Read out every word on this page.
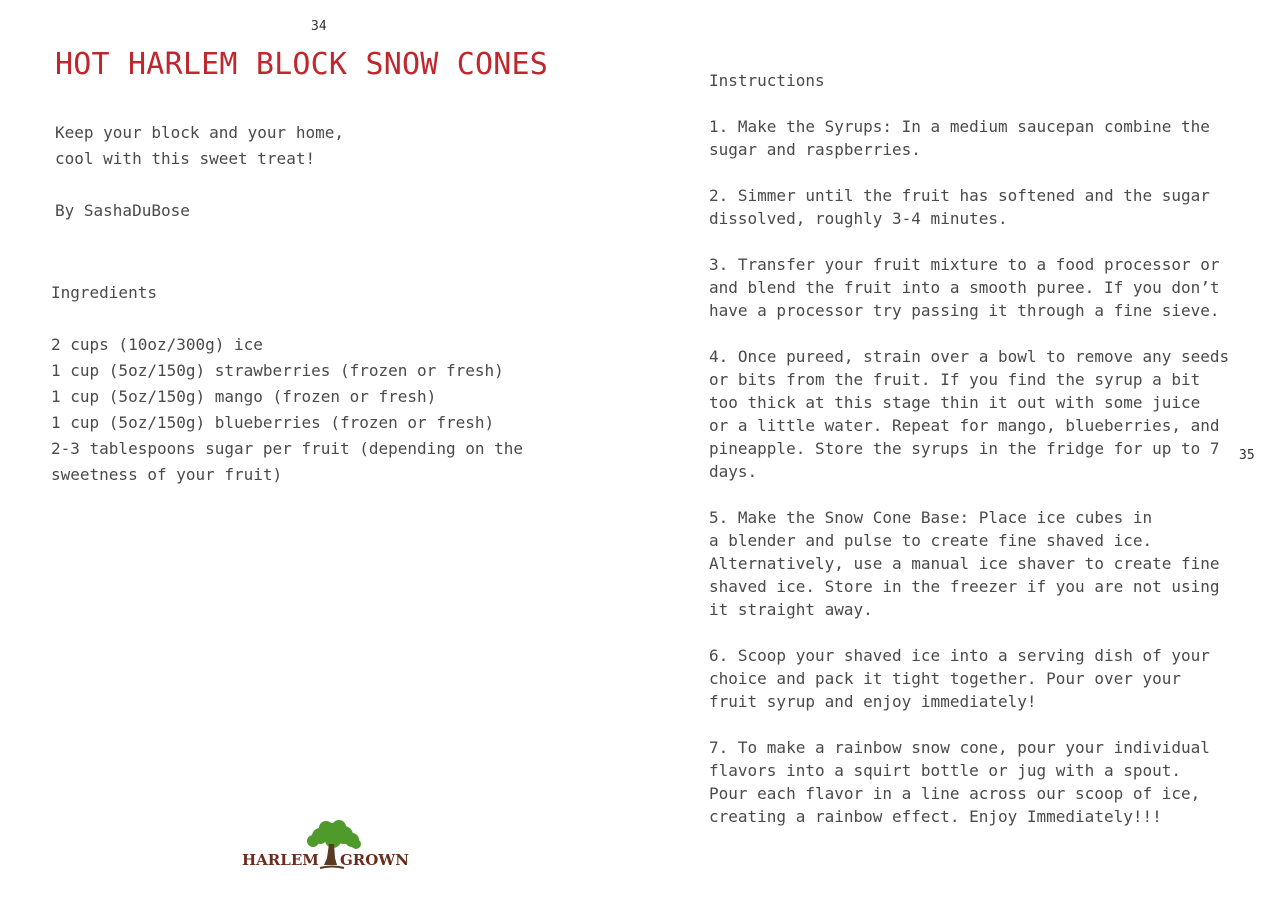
34
35
HOT HARLEM BLOCK SNOW CONES

Keep your block and your home,
cool with this sweet treat!

By SashaDuBose

Ingredients
2 cups (10oz/300g) ice
1 cup (5oz/150g) strawberries (frozen or fresh)
1 cup (5oz/150g) mango (frozen or fresh)
1 cup (5oz/150g) blueberries (frozen or fresh)
2-3 tablespoons sugar per fruit (depending on the
sweetness of your fruit)
Instructions
1. Make the Syrups: In a medium saucepan combine the
sugar and raspberries.
2. Simmer until the fruit has softened and the sugar
dissolved, roughly 3-4 minutes.
3. Transfer your fruit mixture to a food processor or
and blend the fruit into a smooth puree. If you don’t
have a processor try passing it through a fine sieve.
4. Once pureed, strain over a bowl to remove any seeds
or bits from the fruit. If you find the syrup a bit
too thick at this stage thin it out with some juice
or a little water. Repeat for mango, blueberries, and
pineapple. Store the syrups in the fridge for up to 7
days.
5. Make the Snow Cone Base: Place ice cubes in
a blender and pulse to create fine shaved ice.
Alternatively, use a manual ice shaver to create fine
shaved ice. Store in the freezer if you are not using
it straight away.
6. Scoop your shaved ice into a serving dish of your
choice and pack it tight together. Pour over your
fruit syrup and enjoy immediately!
7. To make a rainbow snow cone, pour your individual
flavors into a squirt bottle or jug with a spout.
Pour each flavor in a line across our scoop of ice,
creating a rainbow effect. Enjoy Immediately!!!
HARLEM GROWN
